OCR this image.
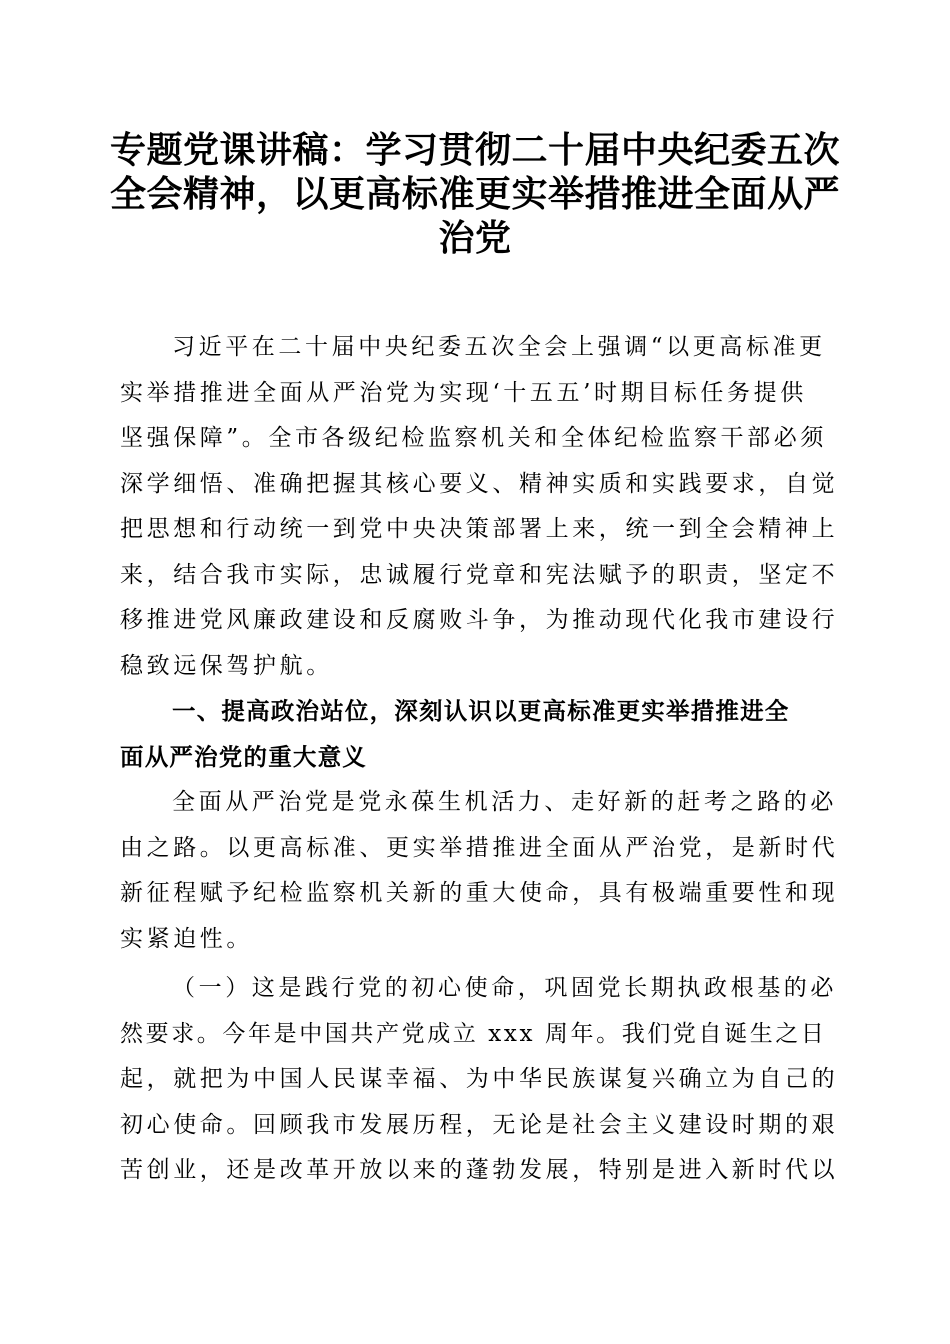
专题党课讲稿：学习贯彻二十届中央纪委五次
全会精神，以更高标准更实举措推进全面从严
治党
习近平在二十届中央纪委五次全会上强调“以更高标准更
实举措推进全面从严治党为实现‘十五五’时期目标任务提供
坚强保障”。全市各级纪检监察机关和全体纪检监察干部必须
深学细悟、准确把握其核心要义、精神实质和实践要求，自觉
把思想和行动统一到党中央决策部署上来，统一到全会精神上
来，结合我市实际，忠诚履行党章和宪法赋予的职责，坚定不
移推进党风廉政建设和反腐败斗争，为推动现代化我市建设行
稳致远保驾护航。
一、提高政治站位，深刻认识以更高标准更实举措推进全
面从严治党的重大意义
全面从严治党是党永葆生机活力、走好新的赶考之路的必
由之路。以更高标准、更实举措推进全面从严治党，是新时代
新征程赋予纪检监察机关新的重大使命，具有极端重要性和现
实紧迫性。
（一）这是践行党的初心使命，巩固党长期执政根基的必
然要求。今年是中国共产党成立 xxx 周年。我们党自诞生之日
起，就把为中国人民谋幸福、为中华民族谋复兴确立为自己的
初心使命。回顾我市发展历程，无论是社会主义建设时期的艰
苦创业，还是改革开放以来的蓬勃发展，特别是进入新时代以
